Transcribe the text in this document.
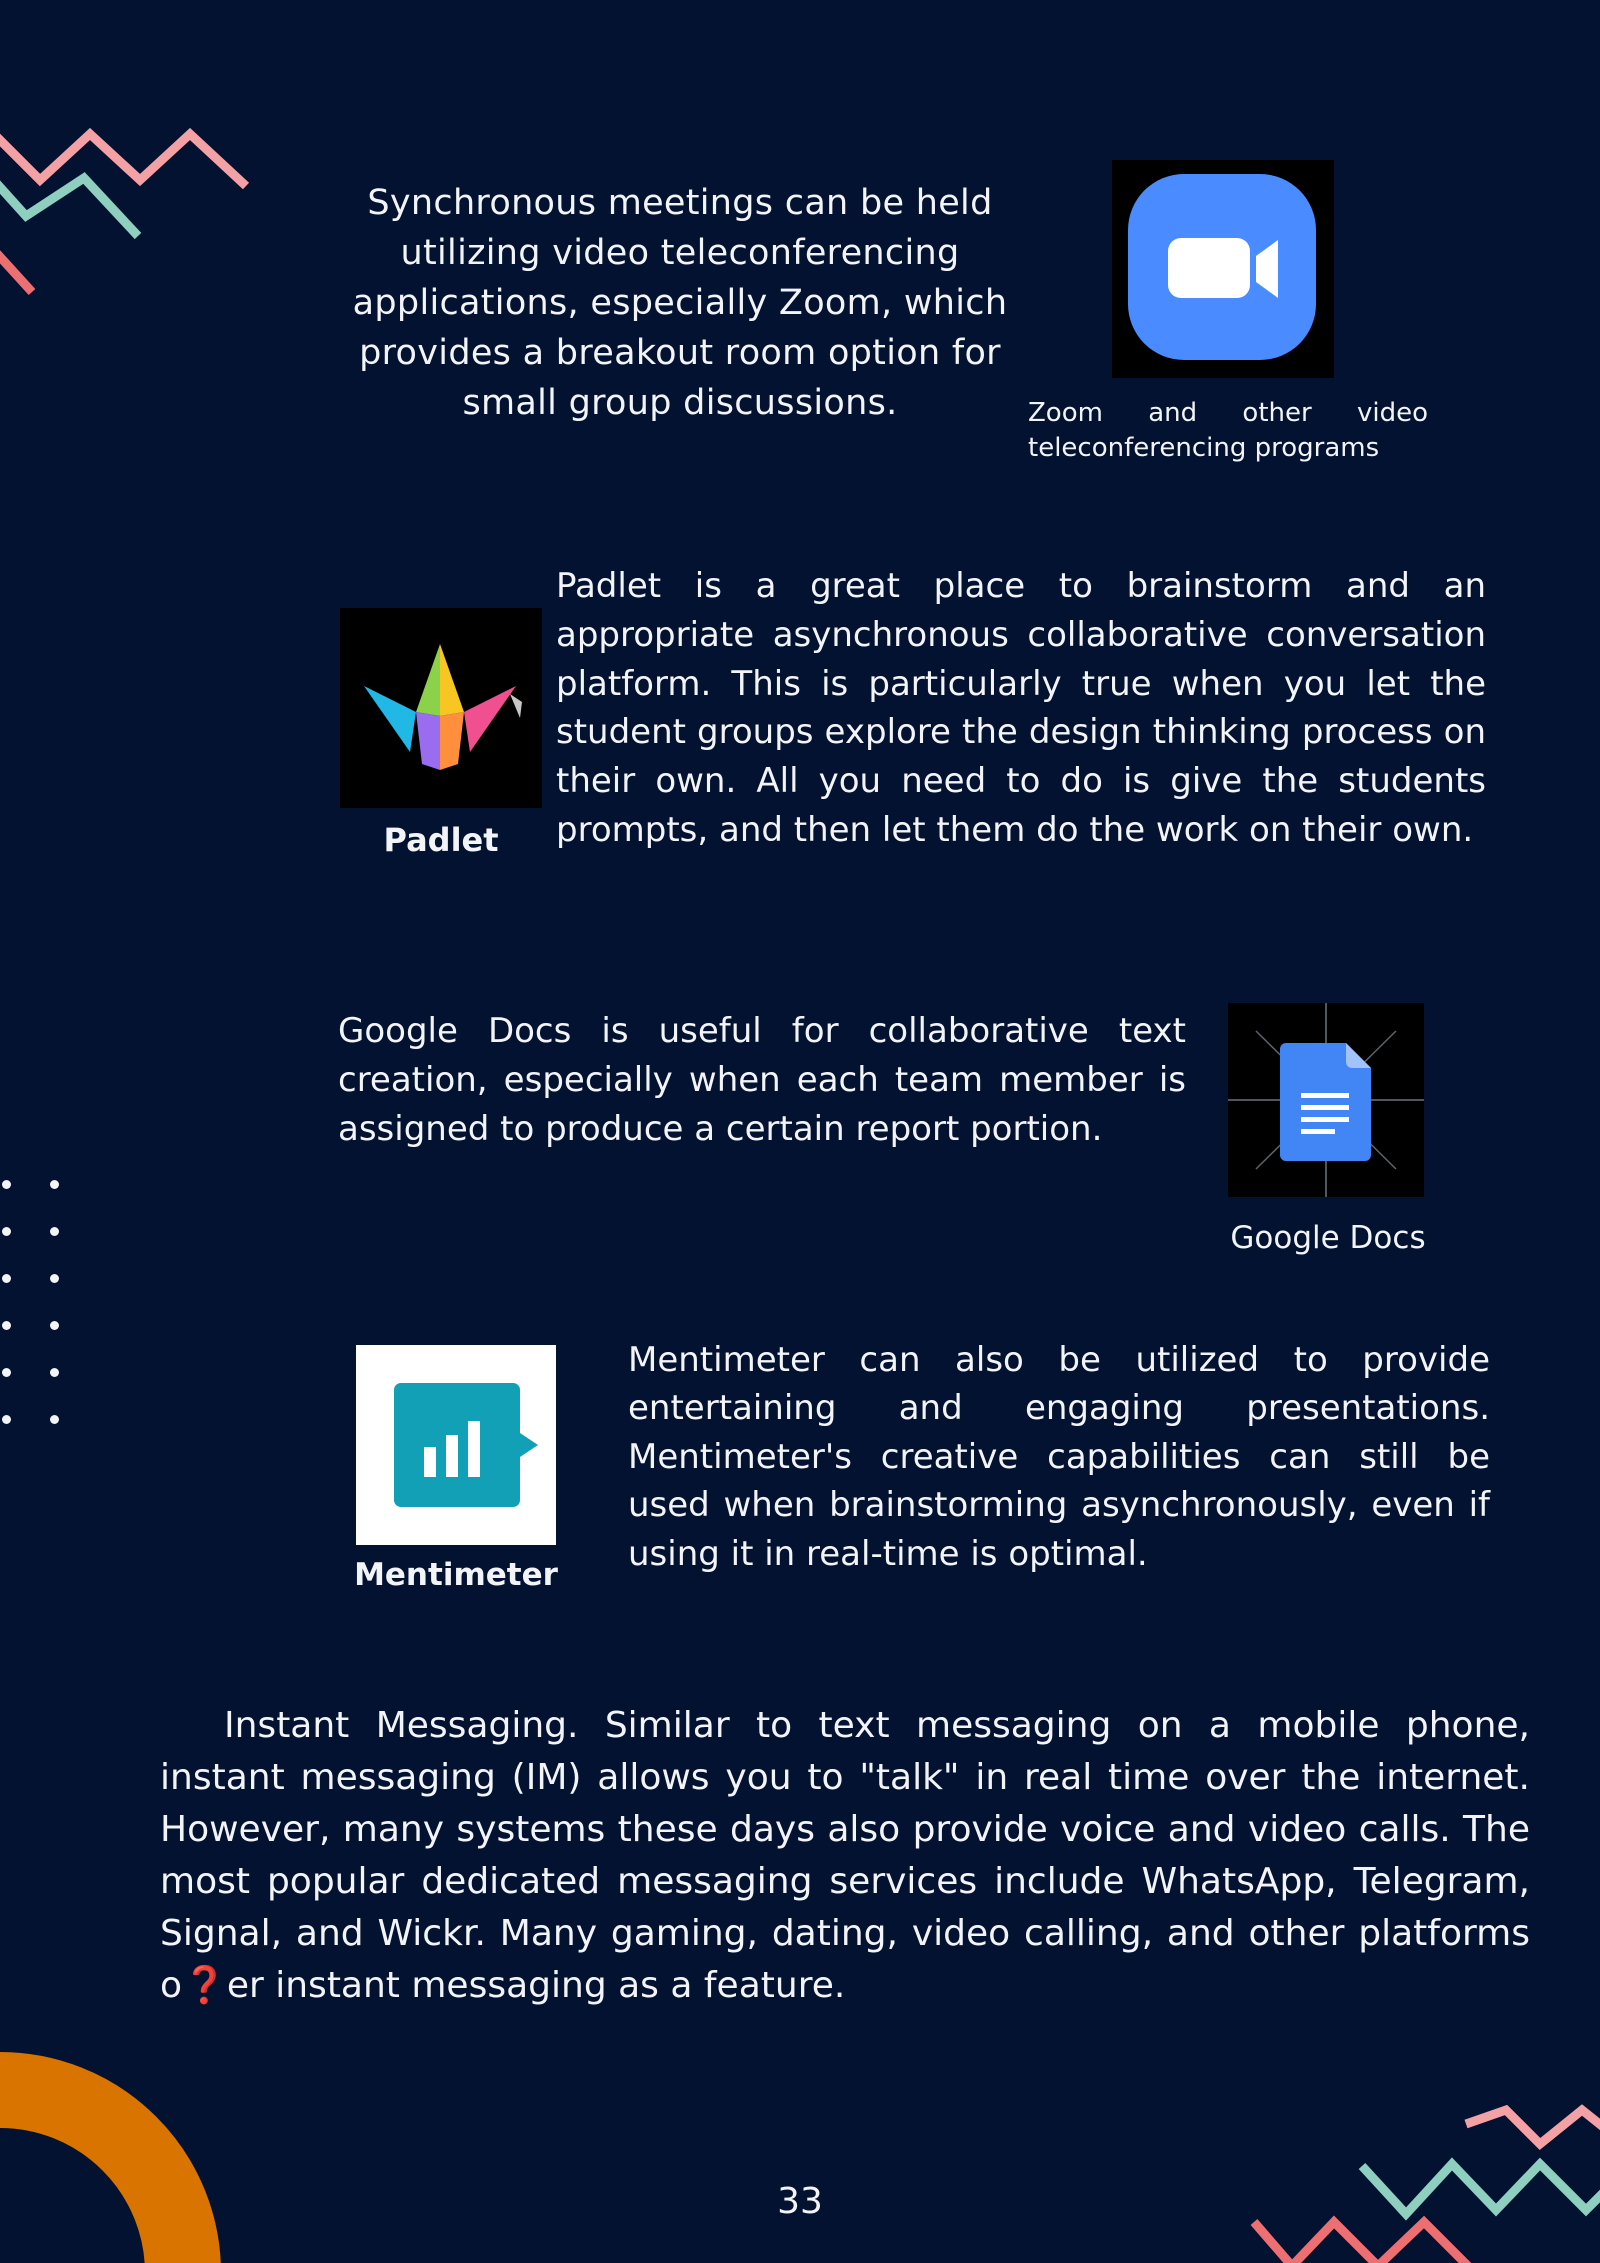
Synchronous meetings can be held utilizing video teleconferencing applications, especially Zoom, which provides a breakout room option for small group discussions.	Zoom and other video teleconferencing programs
Padlet
Padlet is a great place to brainstorm and an appropriate asynchronous collaborative conversation platform. This is particularly true when you let the student groups explore the design thinking process on their own. All you need to do is give the students prompts, and then let them do the work on their own.
Google Docs is useful for collaborative text creation, especially when each team member is assigned to produce a certain report portion.
Google Docs
Mentimeter
Mentimeter can also be utilized to provide entertaining and engaging presentations. Mentimeter's creative capabilities can still be used when brainstorming asynchronously, even if using it in real-time is optimal.
Instant Messaging. Similar to text messaging on a mobile phone, instant messaging (IM) allows you to "talk" in real time over the internet. However, many systems these days also provide voice and video calls. The most popular dedicated messaging services include WhatsApp, Telegram, Signal, and Wickr. Many gaming, dating, video calling, and other platforms o❓er instant messaging as a feature.
33
